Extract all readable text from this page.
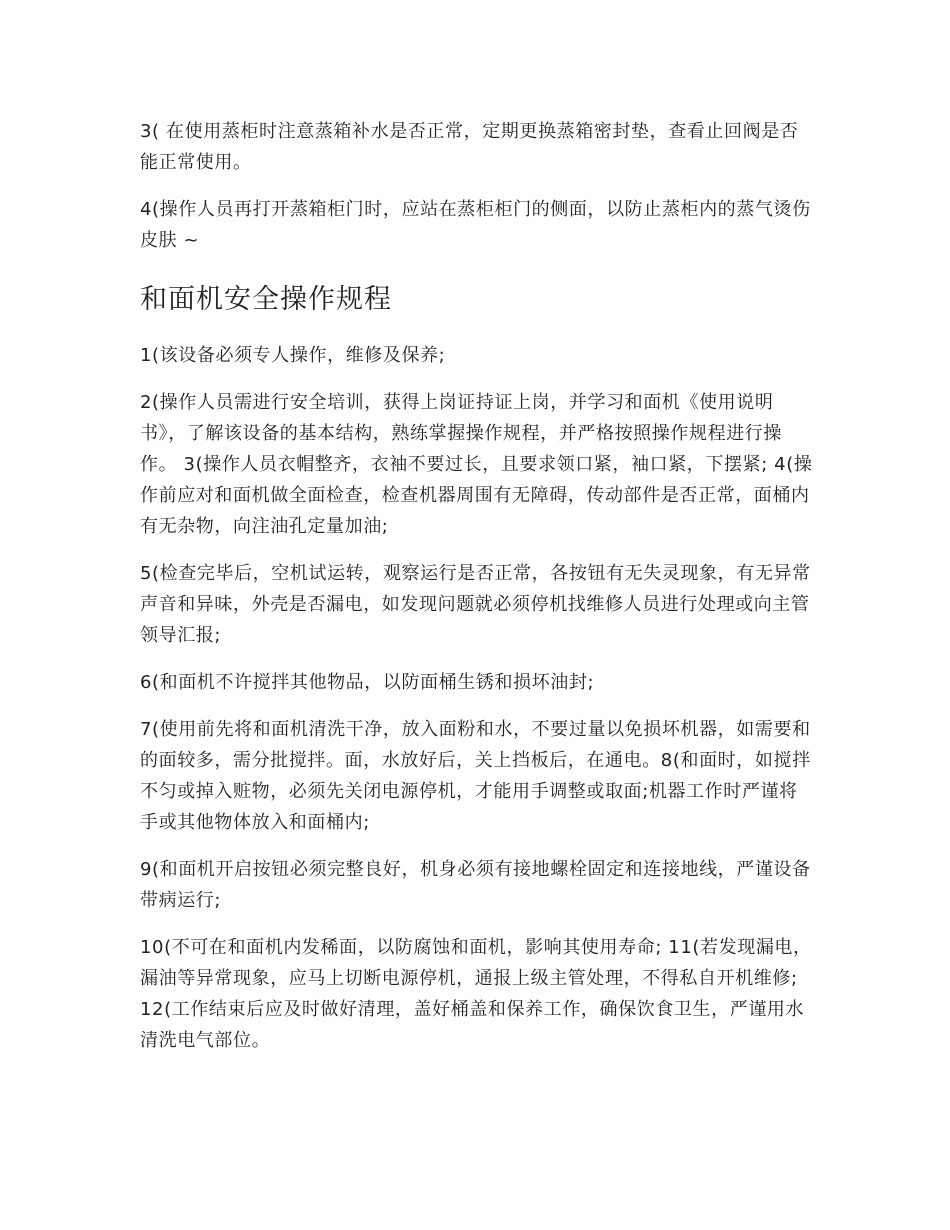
3( 在使用蒸柜时注意蒸箱补水是否正常，定期更换蒸箱密封垫，查看止回阀是否能正常使用。

4(操作人员再打开蒸箱柜门时，应站在蒸柜柜门的侧面，以防止蒸柜内的蒸气烫伤皮肤 ~

和面机安全操作规程

1(该设备必须专人操作，维修及保养;

2(操作人员需进行安全培训，获得上岗证持证上岗，并学习和面机《使用说明书》，了解该设备的基本结构，熟练掌握操作规程，并严格按照操作规程进行操作。 3(操作人员衣帽整齐，衣袖不要过长，且要求领口紧，袖口紧，下摆紧; 4(操作前应对和面机做全面检查，检查机器周围有无障碍，传动部件是否正常，面桶内有无杂物，向注油孔定量加油;

5(检查完毕后，空机试运转，观察运行是否正常，各按钮有无失灵现象，有无异常声音和异味，外壳是否漏电，如发现问题就必须停机找维修人员进行处理或向主管领导汇报;

6(和面机不许搅拌其他物品，以防面桶生锈和损坏油封;

7(使用前先将和面机清洗干净，放入面粉和水，不要过量以免损坏机器，如需要和的面较多，需分批搅拌。面，水放好后，关上挡板后，在通电。8(和面时，如搅拌不匀或掉入赃物，必须先关闭电源停机，才能用手调整或取面;机器工作时严谨将手或其他物体放入和面桶内;

9(和面机开启按钮必须完整良好，机身必须有接地螺栓固定和连接地线，严谨设备带病运行;

10(不可在和面机内发稀面，以防腐蚀和面机，影响其使用寿命; 11(若发现漏电，漏油等异常现象，应马上切断电源停机，通报上级主管处理，不得私自开机维修; 12(工作结束后应及时做好清理，盖好桶盖和保养工作，确保饮食卫生，严谨用水清洗电气部位。
